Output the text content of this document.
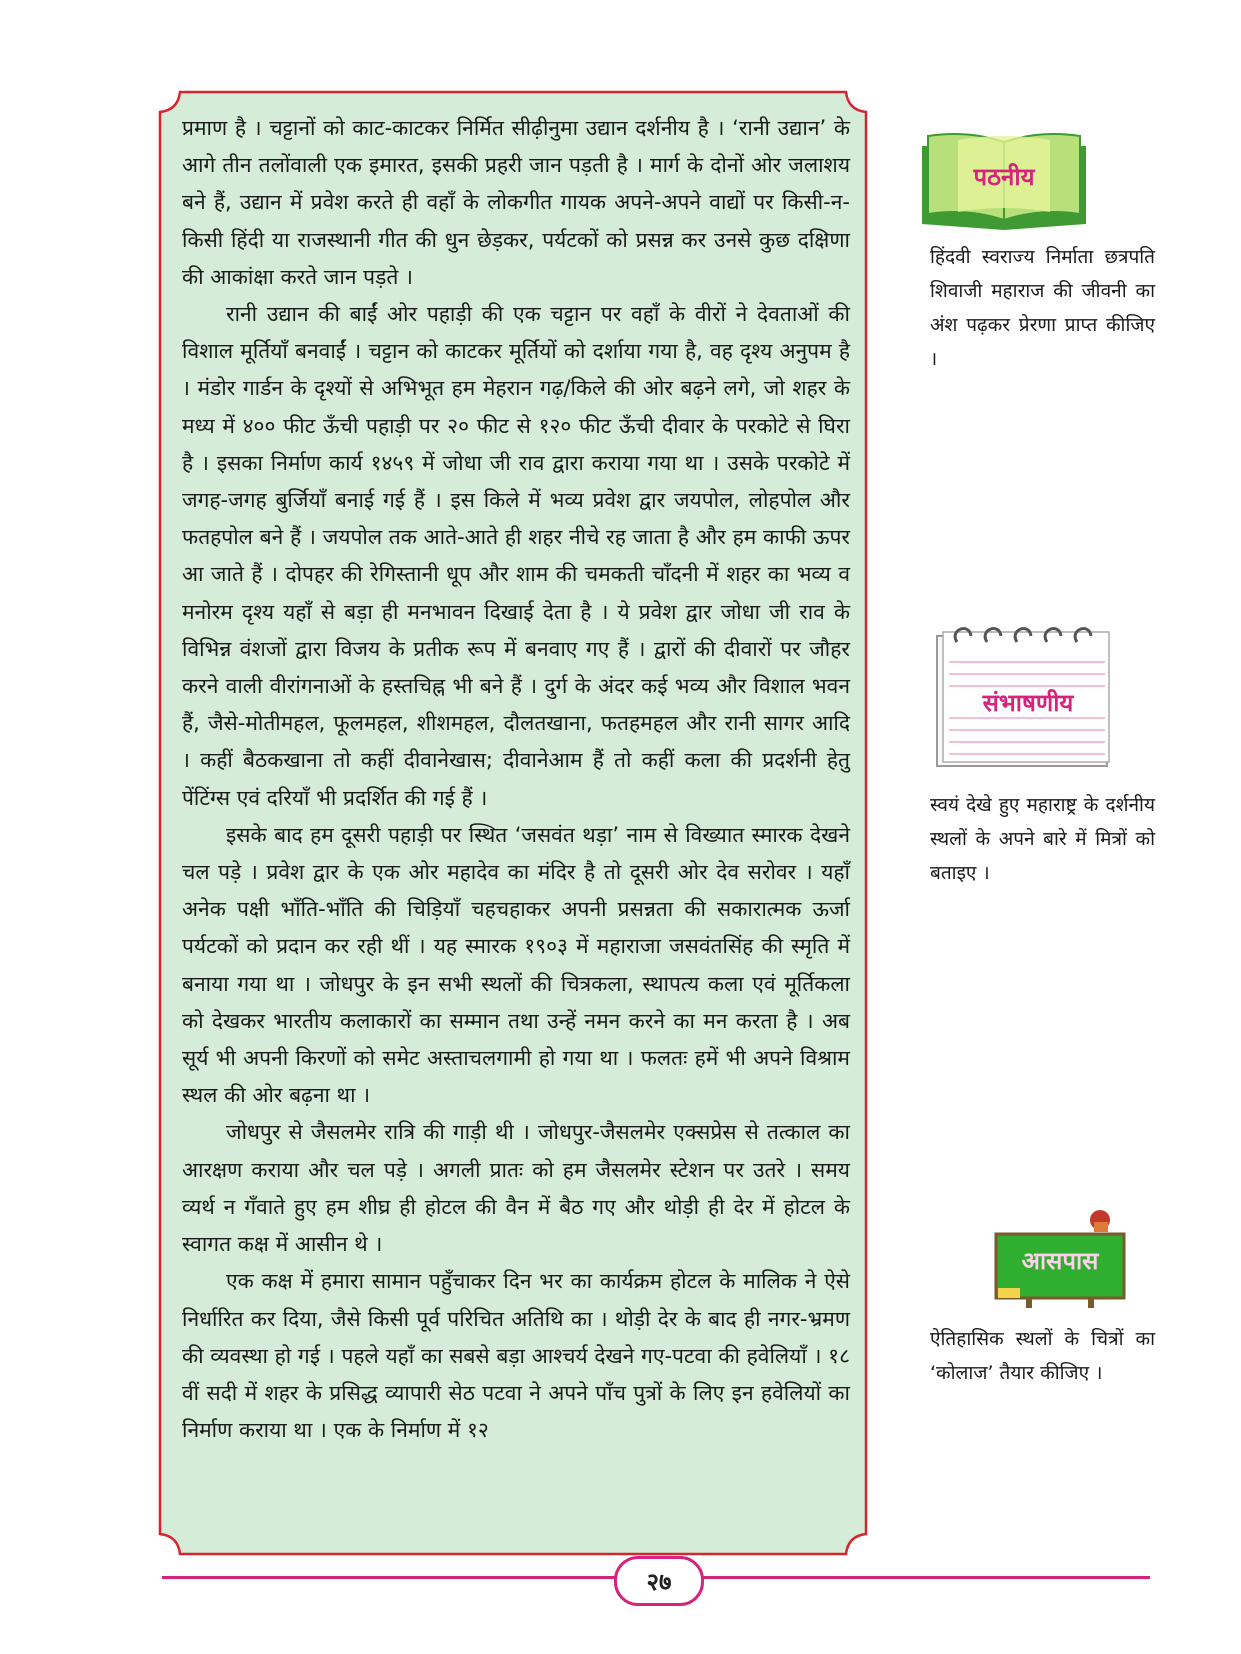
प्रमाण है । चट्टानों को काट-काटकर निर्मित सीढ़ीनुमा उद्यान दर्शनीय है । ‘रानी उद्यान’ के आगे तीन तलोंवाली एक इमारत, इसकी प्रहरी जान पड़ती है । मार्ग के दोनों ओर जलाशय बने हैं, उद्यान में प्रवेश करते ही वहाँ के लोकगीत गायक अपने-अपने वाद्यों पर किसी-न-किसी हिंदी या राजस्थानी गीत की धुन छेड़कर, पर्यटकों को प्रसन्न कर उनसे कुछ दक्षिणा की आकांक्षा करते जान पड़ते ।

रानी उद्यान की बाईं ओर पहाड़ी की एक चट्टान पर वहाँ के वीरों ने देवताओं की विशाल मूर्तियाँ बनवाईं । चट्टान को काटकर मूर्तियों को दर्शाया गया है, वह दृश्य अनुपम है । मंडोर गार्डन के दृश्यों से अभिभूत हम मेहरान गढ़/किले की ओर बढ़ने लगे, जो शहर के मध्य में ४०० फीट ऊँची पहाड़ी पर २० फीट से १२० फीट ऊँची दीवार के परकोटे से घिरा है । इसका निर्माण कार्य १४५९ में जोधा जी राव द्वारा कराया गया था । उसके परकोटे में जगह-जगह बुर्जियाँ बनाई गई हैं । इस किले में भव्य प्रवेश द्वार जयपोल, लोहपोल और फतहपोल बने हैं । जयपोल तक आते-आते ही शहर नीचे रह जाता है और हम काफी ऊपर आ जाते हैं । दोपहर की रेगिस्तानी धूप और शाम की चमकती चाँदनी में शहर का भव्य व मनोरम दृश्य यहाँ से बड़ा ही मनभावन दिखाई देता है । ये प्रवेश द्वार जोधा जी राव के विभिन्न वंशजों द्वारा विजय के प्रतीक रूप में बनवाए गए हैं । द्वारों की दीवारों पर जौहर करने वाली वीरांगनाओं के हस्तचिह्न भी बने हैं । दुर्ग के अंदर कई भव्य और विशाल भवन हैं, जैसे-मोतीमहल, फूलमहल, शीशमहल, दौलतखाना, फतहमहल और रानी सागर आदि । कहीं बैठकखाना तो कहीं दीवानेखास; दीवानेआम हैं तो कहीं कला की प्रदर्शनी हेतु पेंटिंग्स एवं दरियाँ भी प्रदर्शित की गई हैं ।

इसके बाद हम दूसरी पहाड़ी पर स्थित ‘जसवंत थड़ा’ नाम से विख्यात स्मारक देखने चल पड़े । प्रवेश द्वार के एक ओर महादेव का मंदिर है तो दूसरी ओर देव सरोवर । यहाँ अनेक पक्षी भाँति-भाँति की चिड़ियाँ चहचहाकर अपनी प्रसन्नता की सकारात्मक ऊर्जा पर्यटकों को प्रदान कर रही थीं । यह स्मारक १९०३ में महाराजा जसवंतसिंह की स्मृति में बनाया गया था । जोधपुर के इन सभी स्थलों की चित्रकला, स्थापत्य कला एवं मूर्तिकला को देखकर भारतीय कलाकारों का सम्मान तथा उन्हें नमन करने का मन करता है । अब सूर्य भी अपनी किरणों को समेट अस्ताचलगामी हो गया था । फलतः हमें भी अपने विश्राम स्थल की ओर बढ़ना था ।

जोधपुर से जैसलमेर रात्रि की गाड़ी थी । जोधपुर-जैसलमेर एक्सप्रेस से तत्काल का आरक्षण कराया और चल पड़े । अगली प्रातः को हम जैसलमेर स्टेशन पर उतरे । समय व्यर्थ न गँवाते हुए हम शीघ्र ही होटल की वैन में बैठ गए और थोड़ी ही देर में होटल के स्वागत कक्ष में आसीन थे ।

एक कक्ष में हमारा सामान पहुँचाकर दिन भर का कार्यक्रम होटल के मालिक ने ऐसे निर्धारित कर दिया, जैसे किसी पूर्व परिचित अतिथि का । थोड़ी देर के बाद ही नगर-भ्रमण की व्यवस्था हो गई । पहले यहाँ का सबसे बड़ा आश्चर्य देखने गए-पटवा की हवेलियाँ । १८ वीं सदी में शहर के प्रसिद्ध व्यापारी सेठ पटवा ने अपने पाँच पुत्रों के लिए इन हवेलियों का निर्माण कराया था । एक के निर्माण में १२

पठनीय
हिंदवी स्वराज्य निर्माता छत्रपति शिवाजी महाराज की जीवनी का अंश पढ़कर प्रेरणा प्राप्त कीजिए ।
संभाषणीय
स्वयं देखे हुए महाराष्ट्र के दर्शनीय स्थलों के अपने बारे में मित्रों को बताइए ।
आसपास
ऐतिहासिक स्थलों के चित्रों का ‘कोलाज’ तैयार कीजिए ।
२७
